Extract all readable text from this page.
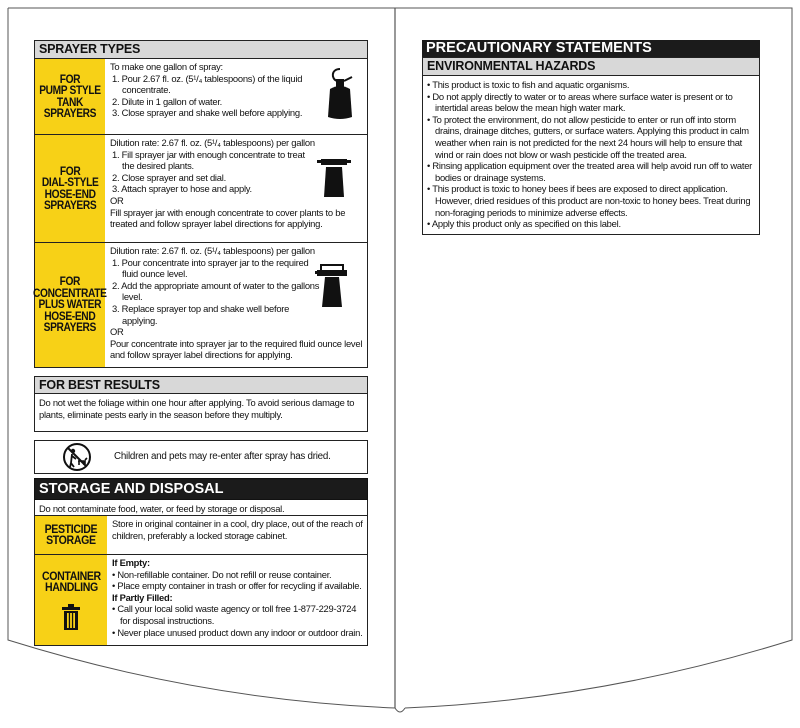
SPRAYER TYPES
FOR
PUMP STYLE
TANK
SPRAYERS
To make one gallon of spray:
1. Pour 2.67 fl. oz. (5¹/₄ tablespoons) of the liquid concentrate.
2. Dilute in 1 gallon of water.
3. Close sprayer and shake well before applying.
FOR
DIAL-STYLE
HOSE-END
SPRAYERS
Dilution rate: 2.67 fl. oz. (5¹/₄ tablespoons) per gallon
1. Fill sprayer jar with enough concentrate to treat the desired plants.
2. Close sprayer and set dial.
3. Attach sprayer to hose and apply.
OR
Fill sprayer jar with enough concentrate to cover plants to be treated and follow sprayer label directions for applying.
FOR
CONCENTRATE
PLUS WATER
HOSE-END
SPRAYERS
Dilution rate: 2.67 fl. oz. (5¹/₄ tablespoons) per gallon
1. Pour concentrate into sprayer jar to the required fluid ounce level.
2. Add the appropriate amount of water to the gallons level.
3. Replace sprayer top and shake well before applying.
OR
Pour concentrate into sprayer jar to the required fluid ounce level and follow sprayer label directions for applying.
FOR BEST RESULTS
Do not wet the foliage within one hour after applying. To avoid serious damage to plants, eliminate pests early in the season before they multiply.
Children and pets may re-enter after spray has dried.
STORAGE AND DISPOSAL
Do not contaminate food, water, or feed by storage or disposal.
PESTICIDE
STORAGE
Store in original container in a cool, dry place, out of the reach of children, preferably a locked storage cabinet.
CONTAINER
HANDLING
If Empty:
• Non-refillable container. Do not refill or reuse container.
• Place empty container in trash or offer for recycling if available.
If Partly Filled:
• Call your local solid waste agency or toll free 1-877-229-3724 for disposal instructions.
• Never place unused product down any indoor or outdoor drain.
PRECAUTIONARY STATEMENTS
ENVIRONMENTAL HAZARDS
• This product is toxic to fish and aquatic organisms.
• Do not apply directly to water or to areas where surface water is present or to intertidal areas below the mean high water mark.
• To protect the environment, do not allow pesticide to enter or run off into storm drains, drainage ditches, gutters, or surface waters. Applying this product in calm weather when rain is not predicted for the next 24 hours will help to ensure that wind or rain does not blow or wash pesticide off the treated area.
• Rinsing application equipment over the treated area will help avoid run off to water bodies or drainage systems.
• This product is toxic to honey bees if bees are exposed to direct application. However, dried residues of this product are non-toxic to honey bees. Treat during non-foraging periods to minimize adverse effects.
• Apply this product only as specified on this label.
